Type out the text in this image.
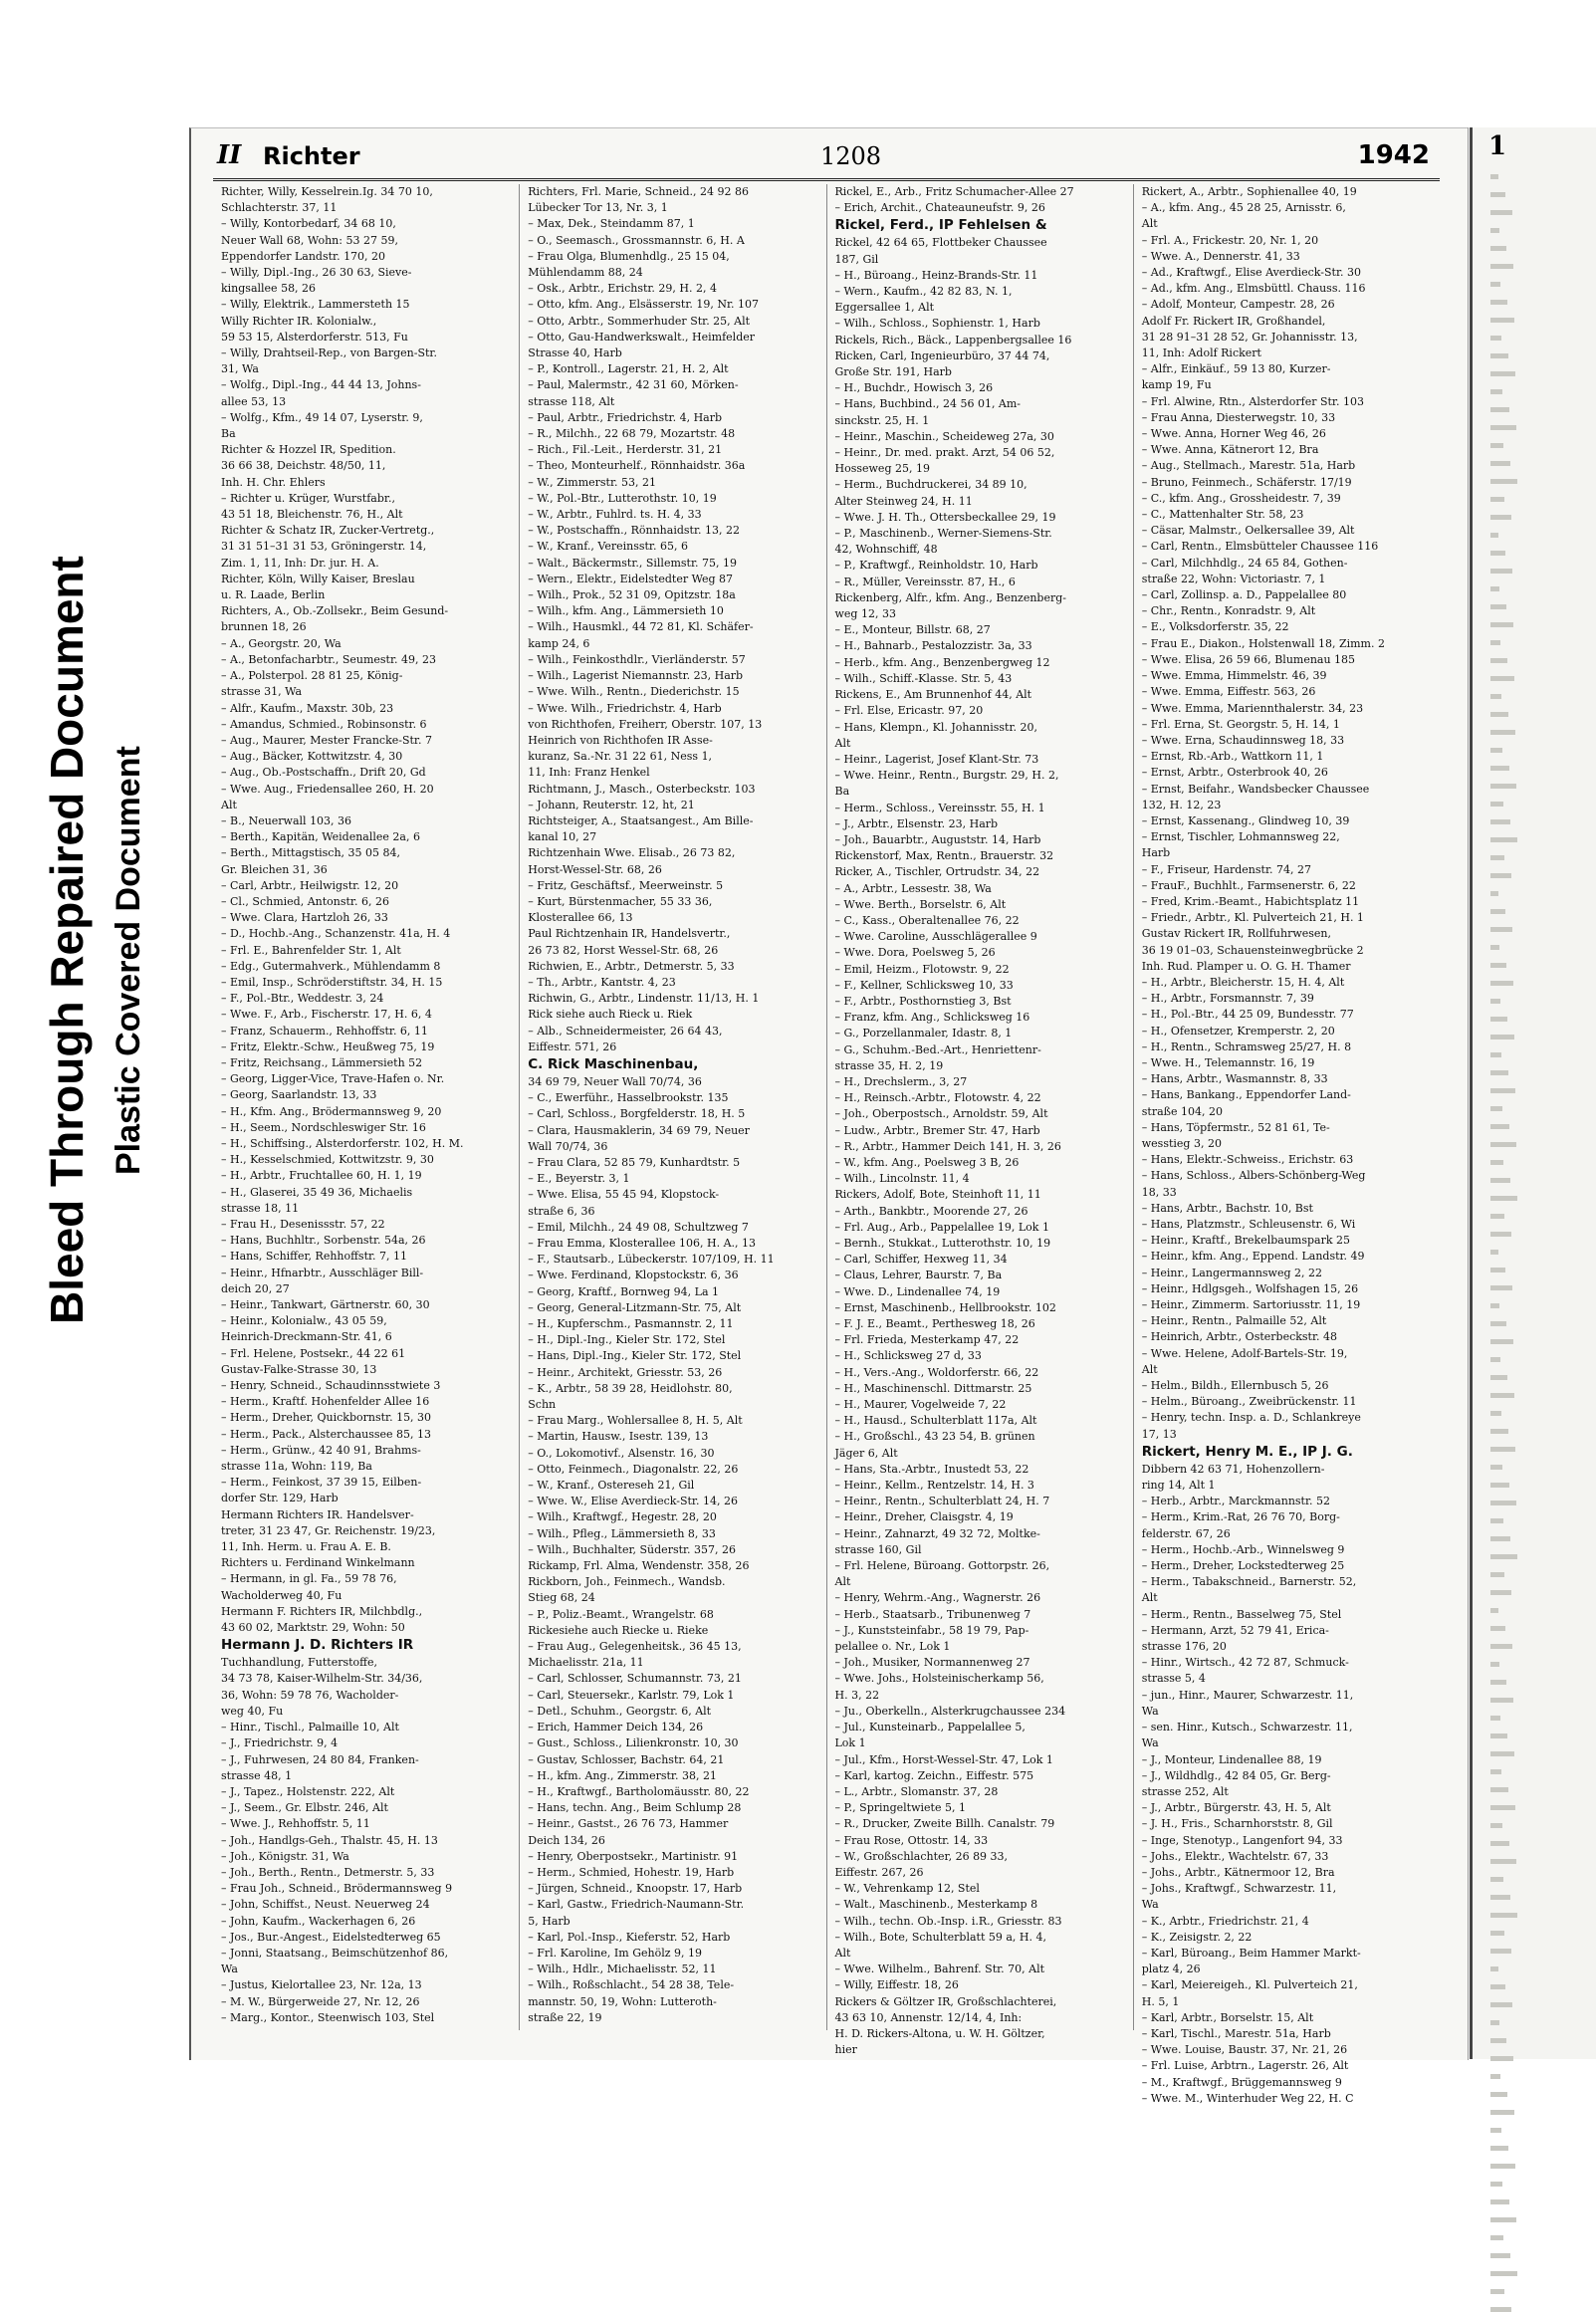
Bleed Through Repaired Document Plastic Covered Document
II Richter	1208	1942
Richter, Willy, Kesselrein.Ig. 34 70 10,
Schlachterstr. 37, 11
– Willy, Kontorbedarf, 34 68 10,
Neuer Wall 68, Wohn: 53 27 59,
Eppendorfer Landstr. 170, 20
– Willy, Dipl.-Ing., 26 30 63, Sieve-
kingsallee 58, 26
– Willy, Elektrik., Lammersteth 15
Willy Richter IR. Kolonialw.,
59 53 15, Alsterdorferstr. 513, Fu
– Willy, Drahtseil-Rep., von Bargen-Str.
31, Wa
– Wolfg., Dipl.-Ing., 44 44 13, Johns-
allee 53, 13
– Wolfg., Kfm., 49 14 07, Lyserstr. 9,
Ba
Richter & Hozzel IR, Spedition.
36 66 38, Deichstr. 48/50, 11,
Inh. H. Chr. Ehlers
– Richter u. Krüger, Wurstfabr.,
43 51 18, Bleichenstr. 76, H., Alt
Richter & Schatz IR, Zucker-Vertretg.,
31 31 51–31 31 53, Gröningerstr. 14,
Zim. 1, 11, Inh: Dr. jur. H. A.
Richter, Köln, Willy Kaiser, Breslau
u. R. Laade, Berlin
Richters, A., Ob.-Zollsekr., Beim Gesund-
brunnen 18, 26
– A., Georgstr. 20, Wa
– A., Betonfacharbtr., Seumestr. 49, 23
– A., Polsterpol. 28 81 25, König-
strasse 31, Wa
– Alfr., Kaufm., Maxstr. 30b, 23
– Amandus, Schmied., Robinsonstr. 6
– Aug., Maurer, Mester Francke-Str. 7
– Aug., Bäcker, Kottwitzstr. 4, 30
– Aug., Ob.-Postschaffn., Drift 20, Gd
– Wwe. Aug., Friedensallee 260, H. 20
Alt
– B., Neuerwall 103, 36
– Berth., Kapitän, Weidenallee 2a, 6
– Berth., Mittagstisch, 35 05 84,
Gr. Bleichen 31, 36
– Carl, Arbtr., Heilwigstr. 12, 20
– Cl., Schmied, Antonstr. 6, 26
– Wwe. Clara, Hartzloh 26, 33
– D., Hochb.-Ang., Schanzenstr. 41a, H. 4
– Frl. E., Bahrenfelder Str. 1, Alt
– Edg., Gutermahverk., Mühlendamm 8
– Emil, Insp., Schröderstiftstr. 34, H. 15
– F., Pol.-Btr., Weddestr. 3, 24
– Wwe. F., Arb., Fischerstr. 17, H. 6, 4
– Franz, Schauerm., Rehhoffstr. 6, 11
– Fritz, Elektr.-Schw., Heußweg 75, 19
– Fritz, Reichsang., Lämmersieth 52
– Georg, Ligger-Vice, Trave-Hafen o. Nr.
– Georg, Saarlandstr. 13, 33
– H., Kfm. Ang., Brödermannsweg 9, 20
– H., Seem., Nordschleswiger Str. 16
– H., Schiffsing., Alsterdorferstr. 102, H. M.
– H., Kesselschmied, Kottwitzstr. 9, 30
– H., Arbtr., Fruchtallee 60, H. 1, 19
– H., Glaserei, 35 49 36, Michaelis
strasse 18, 11
– Frau H., Desenissstr. 57, 22
– Hans, Buchhltr., Sorbenstr. 54a, 26
– Hans, Schiffer, Rehhoffstr. 7, 11
– Heinr., Hfnarbtr., Ausschläger Bill-
deich 20, 27
– Heinr., Tankwart, Gärtnerstr. 60, 30
– Heinr., Kolonialw., 43 05 59,
Heinrich-Dreckmann-Str. 41, 6
– Frl. Helene, Postsekr., 44 22 61
Gustav-Falke-Strasse 30, 13
– Henry, Schneid., Schaudinnsstwiete 3
– Herm., Kraftf. Hohenfelder Allee 16
– Herm., Dreher, Quickbornstr. 15, 30
– Herm., Pack., Alsterchaussee 85, 13
– Herm., Grünw., 42 40 91, Brahms-
strasse 11a, Wohn: 119, Ba
– Herm., Feinkost, 37 39 15, Eilben-
dorfer Str. 129, Harb
Hermann Richters IR. Handelsver-
treter, 31 23 47, Gr. Reichenstr. 19/23,
11, Inh. Herm. u. Frau A. E. B.
Richters u. Ferdinand Winkelmann
– Hermann, in gl. Fa., 59 78 76,
Wacholderweg 40, Fu
Hermann F. Richters IR, Milchbdlg.,
43 60 02, Marktstr. 29, Wohn: 50
Hermann J. D. Richters IR
Tuchhandlung, Futterstoffe,
34 73 78, Kaiser-Wilhelm-Str. 34/36,
36, Wohn: 59 78 76, Wacholder-
weg 40, Fu
– Hinr., Tischl., Palmaille 10, Alt
– J., Friedrichstr. 9, 4
– J., Fuhrwesen, 24 80 84, Franken-
strasse 48, 1
– J., Tapez., Holstenstr. 222, Alt
– J., Seem., Gr. Elbstr. 246, Alt
– Wwe. J., Rehhoffstr. 5, 11
– Joh., Handlgs-Geh., Thalstr. 45, H. 13
– Joh., Königstr. 31, Wa
– Joh., Berth., Rentn., Detmerstr. 5, 33
– Frau Joh., Schneid., Brödermannsweg 9
– John, Schiffst., Neust. Neuerweg 24
– John, Kaufm., Wackerhagen 6, 26
– Jos., Bur.-Angest., Eidelstedterweg 65
– Jonni, Staatsang., Beimschützenhof 86,
Wa
– Justus, Kielortallee 23, Nr. 12a, 13
– M. W., Bürgerweide 27, Nr. 12, 26
– Marg., Kontor., Steenwisch 103, Stel
Richters, Frl. Marie, Schneid., 24 92 86
Lübecker Tor 13, Nr. 3, 1
– Max, Dek., Steindamm 87, 1
– O., Seemasch., Grossmannstr. 6, H. A
– Frau Olga, Blumenhdlg., 25 15 04,
Mühlendamm 88, 24
– Osk., Arbtr., Erichstr. 29, H. 2, 4
– Otto, kfm. Ang., Elsässerstr. 19, Nr. 107
– Otto, Arbtr., Sommerhuder Str. 25, Alt
– Otto, Gau-Handwerkswalt., Heimfelder
Strasse 40, Harb
– P., Kontroll., Lagerstr. 21, H. 2, Alt
– Paul, Malermstr., 42 31 60, Mörken-
strasse 118, Alt
– Paul, Arbtr., Friedrichstr. 4, Harb
– R., Milchh., 22 68 79, Mozartstr. 48
– Rich., Fil.-Leit., Herderstr. 31, 21
– Theo, Monteurhelf., Rönnhaidstr. 36a
– W., Zimmerstr. 53, 21
– W., Pol.-Btr., Lutterothstr. 10, 19
– W., Arbtr., Fuhlrd. ts. H. 4, 33
– W., Postschaffn., Rönnhaidstr. 13, 22
– W., Kranf., Vereinsstr. 65, 6
– Walt., Bäckermstr., Sillemstr. 75, 19
– Wern., Elektr., Eidelstedter Weg 87
– Wilh., Prok., 52 31 09, Opitzstr. 18a
– Wilh., kfm. Ang., Lämmersieth 10
– Wilh., Hausmkl., 44 72 81, Kl. Schäfer-
kamp 24, 6
– Wilh., Feinkosthdlr., Vierländerstr. 57
– Wilh., Lagerist Niemannstr. 23, Harb
– Wwe. Wilh., Rentn., Diederichstr. 15
– Wwe. Wilh., Friedrichstr. 4, Harb
von Richthofen, Freiherr, Oberstr. 107, 13
Heinrich von Richthofen IR Asse-
kuranz, Sa.-Nr. 31 22 61, Ness 1,
11, Inh: Franz Henkel
Richtmann, J., Masch., Osterbeckstr. 103
– Johann, Reuterstr. 12, ht, 21
Richtsteiger, A., Staatsangest., Am Bille-
kanal 10, 27
Richtzenhain Wwe. Elisab., 26 73 82,
Horst-Wessel-Str. 68, 26
– Fritz, Geschäftsf., Meerweinstr. 5
– Kurt, Bürstenmacher, 55 33 36,
Klosterallee 66, 13
Paul Richtzenhain IR, Handelsvertr.,
26 73 82, Horst Wessel-Str. 68, 26
Richwien, E., Arbtr., Detmerstr. 5, 33
– Th., Arbtr., Kantstr. 4, 23
Richwin, G., Arbtr., Lindenstr. 11/13, H. 1
Rick siehe auch Rieck u. Riek
– Alb., Schneidermeister, 26 64 43,
Eiffestr. 571, 26
C. Rick Maschinenbau,
34 69 79, Neuer Wall 70/74, 36
– C., Ewerführ., Hasselbrookstr. 135
– Carl, Schloss., Borgfelderstr. 18, H. 5
– Clara, Hausmaklerin, 34 69 79, Neuer
Wall 70/74, 36
– Frau Clara, 52 85 79, Kunhardtstr. 5
– E., Beyerstr. 3, 1
– Wwe. Elisa, 55 45 94, Klopstock-
straße 6, 36
– Emil, Milchh., 24 49 08, Schultzweg 7
– Frau Emma, Klosterallee 106, H. A., 13
– F., Stautsarb., Lübeckerstr. 107/109, H. 11
– Wwe. Ferdinand, Klopstockstr. 6, 36
– Georg, Kraftf., Bornweg 94, La 1
– Georg, General-Litzmann-Str. 75, Alt
– H., Kupferschm., Pasmannstr. 2, 11
– H., Dipl.-Ing., Kieler Str. 172, Stel
– Hans, Dipl.-Ing., Kieler Str. 172, Stel
– Heinr., Architekt, Griesstr. 53, 26
– K., Arbtr., 58 39 28, Heidlohstr. 80,
Schn
– Frau Marg., Wohlersallee 8, H. 5, Alt
– Martin, Hausw., Isestr. 139, 13
– O., Lokomotivf., Alsenstr. 16, 30
– Otto, Feinmech., Diagonalstr. 22, 26
– W., Kranf., Ostereseh 21, Gil
– Wwe. W., Elise Averdieck-Str. 14, 26
– Wilh., Kraftwgf., Hegestr. 28, 20
– Wilh., Pfleg., Lämmersieth 8, 33
– Wilh., Buchhalter, Süderstr. 357, 26
Rickamp, Frl. Alma, Wendenstr. 358, 26
Rickborn, Joh., Feinmech., Wandsb.
Stieg 68, 24
– P., Poliz.-Beamt., Wrangelstr. 68
Rickesiehe auch Riecke u. Rieke
– Frau Aug., Gelegenheitsk., 36 45 13,
Michaelisstr. 21a, 11
– Carl, Schlosser, Schumannstr. 73, 21
– Carl, Steuersekr., Karlstr. 79, Lok 1
– Detl., Schuhm., Georgstr. 6, Alt
– Erich, Hammer Deich 134, 26
– Gust., Schloss., Lilienkronstr. 10, 30
– Gustav, Schlosser, Bachstr. 64, 21
– H., kfm. Ang., Zimmerstr. 38, 21
– H., Kraftwgf., Bartholomäusstr. 80, 22
– Hans, techn. Ang., Beim Schlump 28
– Heinr., Gastst., 26 76 73, Hammer
Deich 134, 26
– Henry, Oberpostsekr., Martinistr. 91
– Herm., Schmied, Hohestr. 19, Harb
– Jürgen, Schneid., Knoopstr. 17, Harb
– Karl, Gastw., Friedrich-Naumann-Str.
5, Harb
– Karl, Pol.-Insp., Kieferstr. 52, Harb
– Frl. Karoline, Im Gehölz 9, 19
– Wilh., Hdlr., Michaelisstr. 52, 11
– Wilh., Roßschlacht., 54 28 38, Tele-
mannstr. 50, 19, Wohn: Lutteroth-
straße 22, 19
Rickel, E., Arb., Fritz Schumacher-Allee 27
– Erich, Archit., Chateauneufstr. 9, 26
Rickel, Ferd., IP Fehlelsen &
Rickel, 42 64 65, Flottbeker Chaussee
187, Gil
– H., Büroang., Heinz-Brands-Str. 11
– Wern., Kaufm., 42 82 83, N. 1,
Eggersallee 1, Alt
– Wilh., Schloss., Sophienstr. 1, Harb
Rickels, Rich., Bäck., Lappenbergsallee 16
Ricken, Carl, Ingenieurbüro, 37 44 74,
Große Str. 191, Harb
– H., Buchdr., Howisch 3, 26
– Hans, Buchbind., 24 56 01, Am-
sinckstr. 25, H. 1
– Heinr., Maschin., Scheideweg 27a, 30
– Heinr., Dr. med. prakt. Arzt, 54 06 52,
Hosseweg 25, 19
– Herm., Buchdruckerei, 34 89 10,
Alter Steinweg 24, H. 11
– Wwe. J. H. Th., Ottersbeckallee 29, 19
– P., Maschinenb., Werner-Siemens-Str.
42, Wohnschiff, 48
– P., Kraftwgf., Reinholdstr. 10, Harb
– R., Müller, Vereinsstr. 87, H., 6
Rickenberg, Alfr., kfm. Ang., Benzenberg-
weg 12, 33
– E., Monteur, Billstr. 68, 27
– H., Bahnarb., Pestalozzistr. 3a, 33
– Herb., kfm. Ang., Benzenbergweg 12
– Wilh., Schiff.-Klasse. Str. 5, 43
Rickens, E., Am Brunnenhof 44, Alt
– Frl. Else, Ericastr. 97, 20
– Hans, Klempn., Kl. Johannisstr. 20,
Alt
– Heinr., Lagerist, Josef Klant-Str. 73
– Wwe. Heinr., Rentn., Burgstr. 29, H. 2,
Ba
– Herm., Schloss., Vereinsstr. 55, H. 1
– J., Arbtr., Elsenstr. 23, Harb
– Joh., Bauarbtr., Auguststr. 14, Harb
Rickenstorf, Max, Rentn., Brauerstr. 32
Ricker, A., Tischler, Ortrudstr. 34, 22
– A., Arbtr., Lessestr. 38, Wa
– Wwe. Berth., Borselstr. 6, Alt
– C., Kass., Oberaltenallee 76, 22
– Wwe. Caroline, Ausschlägerallee 9
– Wwe. Dora, Poelsweg 5, 26
– Emil, Heizm., Flotowstr. 9, 22
– F., Kellner, Schlicksweg 10, 33
– F., Arbtr., Posthornstieg 3, Bst
– Franz, kfm. Ang., Schlicksweg 16
– G., Porzellanmaler, Idastr. 8, 1
– G., Schuhm.-Bed.-Art., Henriettenr-
strasse 35, H. 2, 19
– H., Drechslerm., 3, 27
– H., Reinsch.-Arbtr., Flotowstr. 4, 22
– Joh., Oberpostsch., Arnoldstr. 59, Alt
– Ludw., Arbtr., Bremer Str. 47, Harb
– R., Arbtr., Hammer Deich 141, H. 3, 26
– W., kfm. Ang., Poelsweg 3 B, 26
– Wilh., Lincolnstr. 11, 4
Rickers, Adolf, Bote, Steinhoft 11, 11
– Arth., Bankbtr., Moorende 27, 26
– Frl. Aug., Arb., Pappelallee 19, Lok 1
– Bernh., Stukkat., Lutterothstr. 10, 19
– Carl, Schiffer, Hexweg 11, 34
– Claus, Lehrer, Baurstr. 7, Ba
– Wwe. D., Lindenallee 74, 19
– Ernst, Maschinenb., Hellbrookstr. 102
– F. J. E., Beamt., Perthesweg 18, 26
– Frl. Frieda, Mesterkamp 47, 22
– H., Schlicksweg 27 d, 33
– H., Vers.-Ang., Woldorferstr. 66, 22
– H., Maschinenschl. Dittmarstr. 25
– H., Maurer, Vogelweide 7, 22
– H., Hausd., Schulterblatt 117a, Alt
– H., Großschl., 43 23 54, B. grünen
Jäger 6, Alt
– Hans, Sta.-Arbtr., Inustedt 53, 22
– Heinr., Kellm., Rentzelstr. 14, H. 3
– Heinr., Rentn., Schulterblatt 24, H. 7
– Heinr., Dreher, Claisgstr. 4, 19
– Heinr., Zahnarzt, 49 32 72, Moltke-
strasse 160, Gil
– Frl. Helene, Büroang. Gottorpstr. 26,
Alt
– Henry, Wehrm.-Ang., Wagnerstr. 26
– Herb., Staatsarb., Tribunenweg 7
– J., Kunststeinfabr., 58 19 79, Pap-
pelallee o. Nr., Lok 1
– Joh., Musiker, Normannenweg 27
– Wwe. Johs., Holsteinischerkamp 56,
H. 3, 22
– Ju., Oberkelln., Alsterkrugchaussee 234
– Jul., Kunsteinarb., Pappelallee 5,
Lok 1
– Jul., Kfm., Horst-Wessel-Str. 47, Lok 1
– Karl, kartog. Zeichn., Eiffestr. 575
– L., Arbtr., Slomanstr. 37, 28
– P., Springeltwiete 5, 1
– R., Drucker, Zweite Billh. Canalstr. 79
– Frau Rose, Ottostr. 14, 33
– W., Großschlachter, 26 89 33,
Eiffestr. 267, 26
– W., Vehrenkamp 12, Stel
– Walt., Maschinenb., Mesterkamp 8
– Wilh., techn. Ob.-Insp. i.R., Griesstr. 83
– Wilh., Bote, Schulterblatt 59 a, H. 4,
Alt
– Wwe. Wilhelm., Bahrenf. Str. 70, Alt
– Willy, Eiffestr. 18, 26
Rickers & Göltzer IR, Großschlachterei,
43 63 10, Annenstr. 12/14, 4, Inh:
H. D. Rickers-Altona, u. W. H. Göltzer,
hier
Rickert, A., Arbtr., Sophienallee 40, 19
– A., kfm. Ang., 45 28 25, Arnisstr. 6,
Alt
– Frl. A., Frickestr. 20, Nr. 1, 20
– Wwe. A., Dennerstr. 41, 33
– Ad., Kraftwgf., Elise Averdieck-Str. 30
– Ad., kfm. Ang., Elmsbüttl. Chauss. 116
– Adolf, Monteur, Campestr. 28, 26
Adolf Fr. Rickert IR, Großhandel,
31 28 91–31 28 52, Gr. Johannisstr. 13,
11, Inh: Adolf Rickert
– Alfr., Einkäuf., 59 13 80, Kurzer-
kamp 19, Fu
– Frl. Alwine, Rtn., Alsterdorfer Str. 103
– Frau Anna, Diesterwegstr. 10, 33
– Wwe. Anna, Horner Weg 46, 26
– Wwe. Anna, Kätnerort 12, Bra
– Aug., Stellmach., Marestr. 51a, Harb
– Bruno, Feinmech., Schäferstr. 17/19
– C., kfm. Ang., Grossheidestr. 7, 39
– C., Mattenhalter Str. 58, 23
– Cäsar, Malmstr., Oelkersallee 39, Alt
– Carl, Rentn., Elmsbütteler Chaussee 116
– Carl, Milchhdlg., 24 65 84, Gothen-
straße 22, Wohn: Victoriastr. 7, 1
– Carl, Zollinsp. a. D., Pappelallee 80
– Chr., Rentn., Konradstr. 9, Alt
– E., Volksdorferstr. 35, 22
– Frau E., Diakon., Holstenwall 18, Zimm. 2
– Wwe. Elisa, 26 59 66, Blumenau 185
– Wwe. Emma, Himmelstr. 46, 39
– Wwe. Emma, Eiffestr. 563, 26
– Wwe. Emma, Mariennthalerstr. 34, 23
– Frl. Erna, St. Georgstr. 5, H. 14, 1
– Wwe. Erna, Schaudinnsweg 18, 33
– Ernst, Rb.-Arb., Wattkorn 11, 1
– Ernst, Arbtr., Osterbrook 40, 26
– Ernst, Beifahr., Wandsbecker Chaussee
132, H. 12, 23
– Ernst, Kassenang., Glindweg 10, 39
– Ernst, Tischler, Lohmannsweg 22,
Harb
– F., Friseur, Hardenstr. 74, 27
– FrauF., Buchhlt., Farmsenerstr. 6, 22
– Fred, Krim.-Beamt., Habichtsplatz 11
– Friedr., Arbtr., Kl. Pulverteich 21, H. 1
Gustav Rickert IR, Rollfuhrwesen,
36 19 01–03, Schauensteinwegbrücke 2
Inh. Rud. Plamper u. O. G. H. Thamer
– H., Arbtr., Bleicherstr. 15, H. 4, Alt
– H., Arbtr., Forsmannstr. 7, 39
– H., Pol.-Btr., 44 25 09, Bundesstr. 77
– H., Ofensetzer, Kremperstr. 2, 20
– H., Rentn., Schramsweg 25/27, H. 8
– Wwe. H., Telemannstr. 16, 19
– Hans, Arbtr., Wasmannstr. 8, 33
– Hans, Bankang., Eppendorfer Land-
straße 104, 20
– Hans, Töpfermstr., 52 81 61, Te-
wesstieg 3, 20
– Hans, Elektr.-Schweiss., Erichstr. 63
– Hans, Schloss., Albers-Schönberg-Weg
18, 33
– Hans, Arbtr., Bachstr. 10, Bst
– Hans, Platzmstr., Schleusenstr. 6, Wi
– Heinr., Kraftf., Brekelbaumspark 25
– Heinr., kfm. Ang., Eppend. Landstr. 49
– Heinr., Langermannsweg 2, 22
– Heinr., Hdlgsgeh., Wolfshagen 15, 26
– Heinr., Zimmerm. Sartoriusstr. 11, 19
– Heinr., Rentn., Palmaille 52, Alt
– Heinrich, Arbtr., Osterbeckstr. 48
– Wwe. Helene, Adolf-Bartels-Str. 19,
Alt
– Helm., Bildh., Ellernbusch 5, 26
– Helm., Büroang., Zweibrückenstr. 11
– Henry, techn. Insp. a. D., Schlankreye
17, 13
Rickert, Henry M. E., IP J. G.
Dibbern 42 63 71, Hohenzollern-
ring 14, Alt 1
– Herb., Arbtr., Marckmannstr. 52
– Herm., Krim.-Rat, 26 76 70, Borg-
felderstr. 67, 26
– Herm., Hochb.-Arb., Winnelsweg 9
– Herm., Dreher, Lockstedterweg 25
– Herm., Tabakschneid., Barnerstr. 52,
Alt
– Herm., Rentn., Basselweg 75, Stel
– Hermann, Arzt, 52 79 41, Erica-
strasse 176, 20
– Hinr., Wirtsch., 42 72 87, Schmuck-
strasse 5, 4
– jun., Hinr., Maurer, Schwarzestr. 11,
Wa
– sen. Hinr., Kutsch., Schwarzestr. 11,
Wa
– J., Monteur, Lindenallee 88, 19
– J., Wildhdlg., 42 84 05, Gr. Berg-
strasse 252, Alt
– J., Arbtr., Bürgerstr. 43, H. 5, Alt
– J. H., Fris., Scharnhorststr. 8, Gil
– Inge, Stenotyp., Langenfort 94, 33
– Johs., Elektr., Wachtelstr. 67, 33
– Johs., Arbtr., Kätnermoor 12, Bra
– Johs., Kraftwgf., Schwarzestr. 11,
Wa
– K., Arbtr., Friedrichstr. 21, 4
– K., Zeisigstr. 2, 22
– Karl, Büroang., Beim Hammer Markt-
platz 4, 26
– Karl, Meiereigeh., Kl. Pulverteich 21,
H. 5, 1
– Karl, Arbtr., Borselstr. 15, Alt
– Karl, Tischl., Marestr. 51a, Harb
– Wwe. Louise, Baustr. 37, Nr. 21, 26
– Frl. Luise, Arbtrn., Lagerstr. 26, Alt
– M., Kraftwgf., Brüggemannsweg 9
– Wwe. M., Winterhuder Weg 22, H. C
1
